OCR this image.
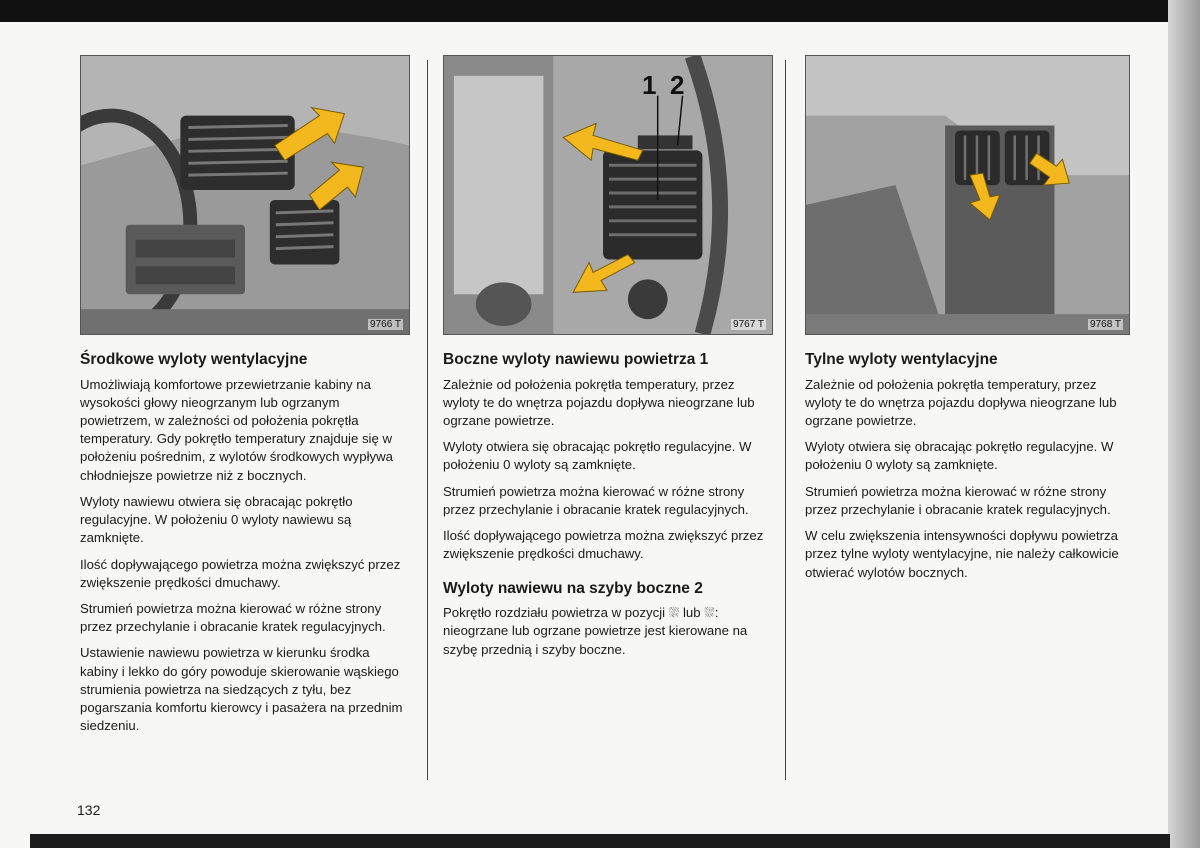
9766 T
Środkowe wyloty wentylacyjne

Umożliwiają komfortowe przewietrzanie kabiny na wysokości głowy nieogrzanym lub ogrzanym powietrzem, w zależności od położenia pokrętła temperatury. Gdy pokrętło temperatury znajduje się w położeniu pośrednim, z wylotów środkowych wypływa chłodniejsze powietrze niż z bocznych.

Wyloty nawiewu otwiera się obracając pokrętło regulacyjne. W położeniu 0 wyloty nawiewu są zamknięte.

Ilość dopływającego powietrza można zwiększyć przez zwiększenie prędkości dmuchawy.

Strumień powietrza można kierować w różne strony przez przechylanie i obracanie kratek regulacyjnych.

Ustawienie nawiewu powietrza w kierunku środka kabiny i lekko do góry powoduje skierowanie wąskiego strumienia powietrza na siedzących z tyłu, bez pogarszania komfortu kierowcy i pasażera na przednim siedzeniu.

1 2
9767 T
Boczne wyloty nawiewu powietrza 1

Zależnie od położenia pokrętła temperatury, przez wyloty te do wnętrza pojazdu dopływa nieogrzane lub ogrzane powietrze.

Wyloty otwiera się obracając pokrętło regulacyjne. W położeniu 0 wyloty są zamknięte.

Strumień powietrza można kierować w różne strony przez przechylanie i obracanie kratek regulacyjnych.

Ilość dopływającego powietrza można zwiększyć przez zwiększenie prędkości dmuchawy.

Wyloty nawiewu na szyby boczne 2

Pokrętło rozdziału powietrza w pozycji ⛆ lub ⛆: nieogrzane lub ogrzane powietrze jest kierowane na szybę przednią i szyby boczne.

9768 T
Tylne wyloty wentylacyjne

Zależnie od położenia pokrętła temperatury, przez wyloty te do wnętrza pojazdu dopływa nieogrzane lub ogrzane powietrze.

Wyloty otwiera się obracając pokrętło regulacyjne. W położeniu 0 wyloty są zamknięte.

Strumień powietrza można kierować w różne strony przez przechylanie i obracanie kratek regulacyjnych.

W celu zwiększenia intensywności dopływu powietrza przez tylne wyloty wentylacyjne, nie należy całkowicie otwierać wylotów bocznych.

132
